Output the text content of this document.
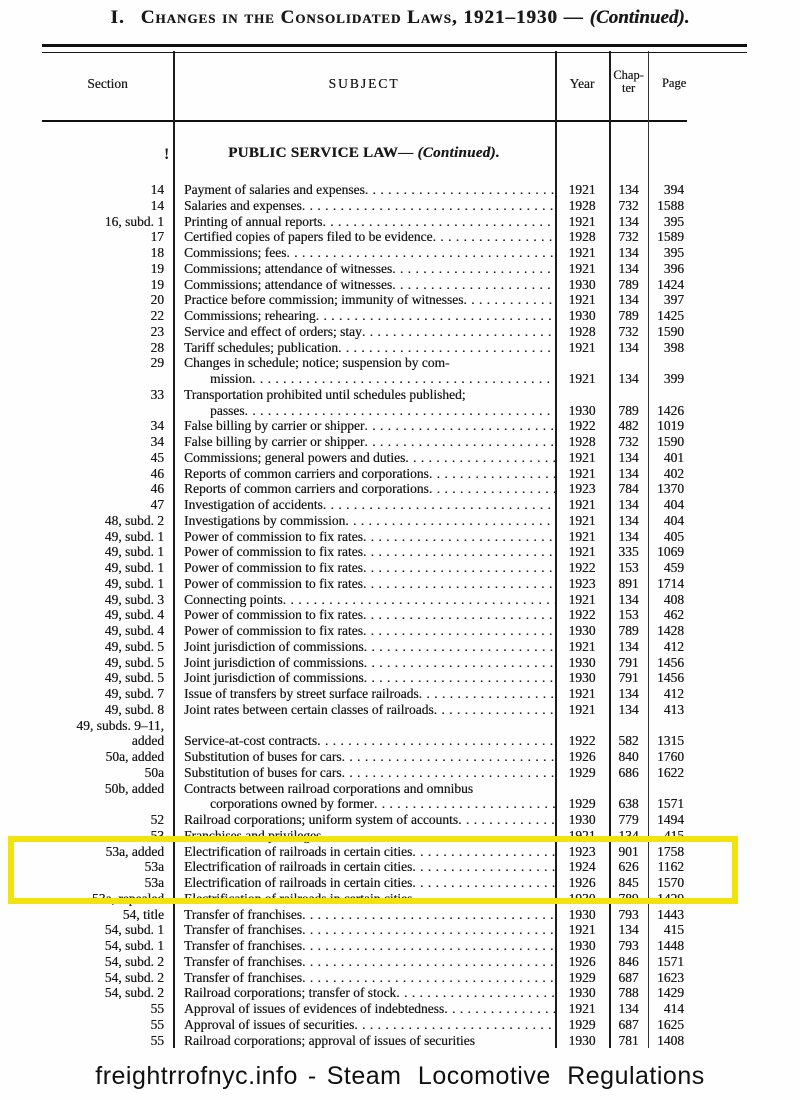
I. Changes in the Consolidated Laws, 1921–1930 — (Continued).
Section	SUBJECT	Year
Chap-
ter	Page
!	PUBLIC SERVICE LAW— (Continued).
14	Payment of salaries and expenses . . .	1921	134	394
14	Salaries and expenses . . .	1928	732	1588
16, subd. 1	Printing of annual reports . . .	1921	134	395
17	Certified copies of papers filed to be evidence . . .	1928	732	1589
18	Commissions; fees . . .	1921	134	395
19	Commissions; attendance of witnesses . . .	1921	134	396
19	Commissions; attendance of witnesses . . .	1930	789	1424
20	Practice before commission; immunity of witnesses . . .	1921	134	397
22	Commissions; rehearing . . .	1930	789	1425
23	Service and effect of orders; stay . . .	1928	732	1590
28	Tariff schedules; publication . . .	1921	134	398
29	Changes in schedule; notice; suspension by com-
mission . . .	1921	134	399
33	Transportation prohibited until schedules published;
passes . . .	1930	789	1426
34	False billing by carrier or shipper . . .	1922	482	1019
34	False billing by carrier or shipper . . .	1928	732	1590
45	Commissions; general powers and duties . . .	1921	134	401
46	Reports of common carriers and corporations . . .	1921	134	402
46	Reports of common carriers and corporations . . .	1923	784	1370
47	Investigation of accidents . . .	1921	134	404
48, subd. 2	Investigations by commission . . .	1921	134	404
49, subd. 1	Power of commission to fix rates . . .	1921	134	405
49, subd. 1	Power of commission to fix rates . . .	1921	335	1069
49, subd. 1	Power of commission to fix rates . . .	1922	153	459
49, subd. 1	Power of commission to fix rates . . .	1923	891	1714
49, subd. 3	Connecting points . . .	1921	134	408
49, subd. 4	Power of commission to fix rates . . .	1922	153	462
49, subd. 4	Power of commission to fix rates . . .	1930	789	1428
49, subd. 5	Joint jurisdiction of commissions . . .	1921	134	412
49, subd. 5	Joint jurisdiction of commissions . . .	1930	791	1456
49, subd. 5	Joint jurisdiction of commissions . . .	1930	791	1456
49, subd. 7	Issue of transfers by street surface railroads . . .	1921	134	412
49, subd. 8	Joint rates between certain classes of railroads . . .	1921	134	413
49, subds. 9–11,
added	Service-at-cost contracts . . .	1922	582	1315
50a, added	Substitution of buses for cars . . .	1926	840	1760
50a	Substitution of buses for cars . . .	1929	686	1622
50b, added	Contracts between railroad corporations and omnibus
corporations owned by former . . .	1929	638	1571
52	Railroad corporations; uniform system of accounts . . .	1930	779	1494
53	Franchises and privileges . . .	1921	134	415
53a, added	Electrification of railroads in certain cities . . .	1923	901	1758
53a	Electrification of railroads in certain cities . . .	1924	626	1162
53a	Electrification of railroads in certain cities . . .	1926	845	1570
53a, repealed	Electrification of railroads in certain cities . . .	1930	789	1429
54, title	Transfer of franchises . . .	1930	793	1443
54, subd. 1	Transfer of franchises . . .	1921	134	415
54, subd. 1	Transfer of franchises . . .	1930	793	1448
54, subd. 2	Transfer of franchises . . .	1926	846	1571
54, subd. 2	Transfer of franchises . . .	1929	687	1623
54, subd. 2	Railroad corporations; transfer of stock . . .	1930	788	1429
55	Approval of issues of evidences of indebtedness . . .	1921	134	414
55	Approval of issues of securities . . .	1929	687	1625
55	Railroad corporations; approval of issues of securities	1930	781	1408
freightrrofnyc.info - Steam Locomotive Regulations
